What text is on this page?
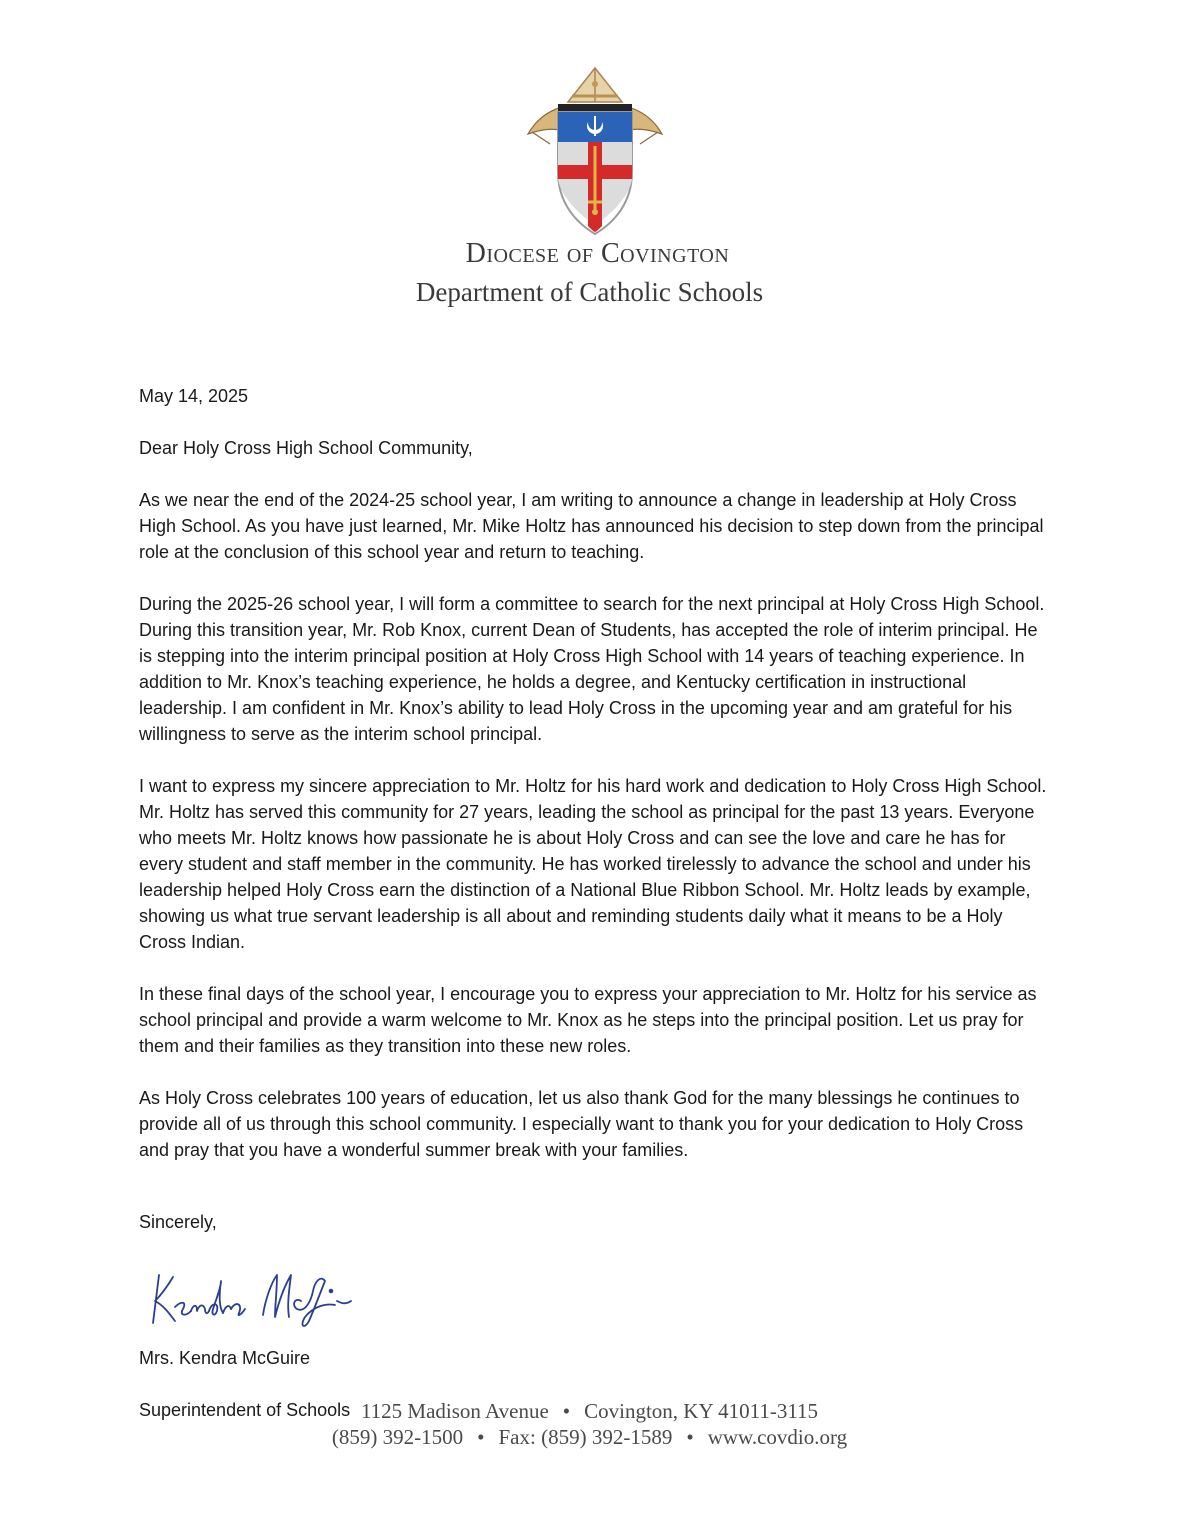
Diocese of Covington
Department of Catholic Schools

May 14, 2025

Dear Holy Cross High School Community,

As we near the end of the 2024-25 school year, I am writing to announce a change in leadership at Holy Cross High School. As you have just learned, Mr. Mike Holtz has announced his decision to step down from the principal role at the conclusion of this school year and return to teaching.

During the 2025-26 school year, I will form a committee to search for the next principal at Holy Cross High School. During this transition year, Mr. Rob Knox, current Dean of Students, has accepted the role of interim principal. He is stepping into the interim principal position at Holy Cross High School with 14 years of teaching experience. In addition to Mr. Knox’s teaching experience, he holds a degree, and Kentucky certification in instructional leadership. I am confident in Mr. Knox’s ability to lead Holy Cross in the upcoming year and am grateful for his willingness to serve as the interim school principal.

I want to express my sincere appreciation to Mr. Holtz for his hard work and dedication to Holy Cross High School. Mr. Holtz has served this community for 27 years, leading the school as principal for the past 13 years. Everyone who meets Mr. Holtz knows how passionate he is about Holy Cross and can see the love and care he has for every student and staff member in the community. He has worked tirelessly to advance the school and under his leadership helped Holy Cross earn the distinction of a National Blue Ribbon School. Mr. Holtz leads by example, showing us what true servant leadership is all about and reminding students daily what it means to be a Holy Cross Indian.

In these final days of the school year, I encourage you to express your appreciation to Mr. Holtz for his service as school principal and provide a warm welcome to Mr. Knox as he steps into the principal position. Let us pray for them and their families as they transition into these new roles.

As Holy Cross celebrates 100 years of education, let us also thank God for the many blessings he continues to provide all of us through this school community. I especially want to thank you for your dedication to Holy Cross and pray that you have a wonderful summer break with your families.

Sincerely,

Mrs. Kendra McGuire

Superintendent of Schools 1125 Madison Avenue • Covington, KY 41011-3115
(859) 392-1500 • Fax: (859) 392-1589 • www.covdio.org
